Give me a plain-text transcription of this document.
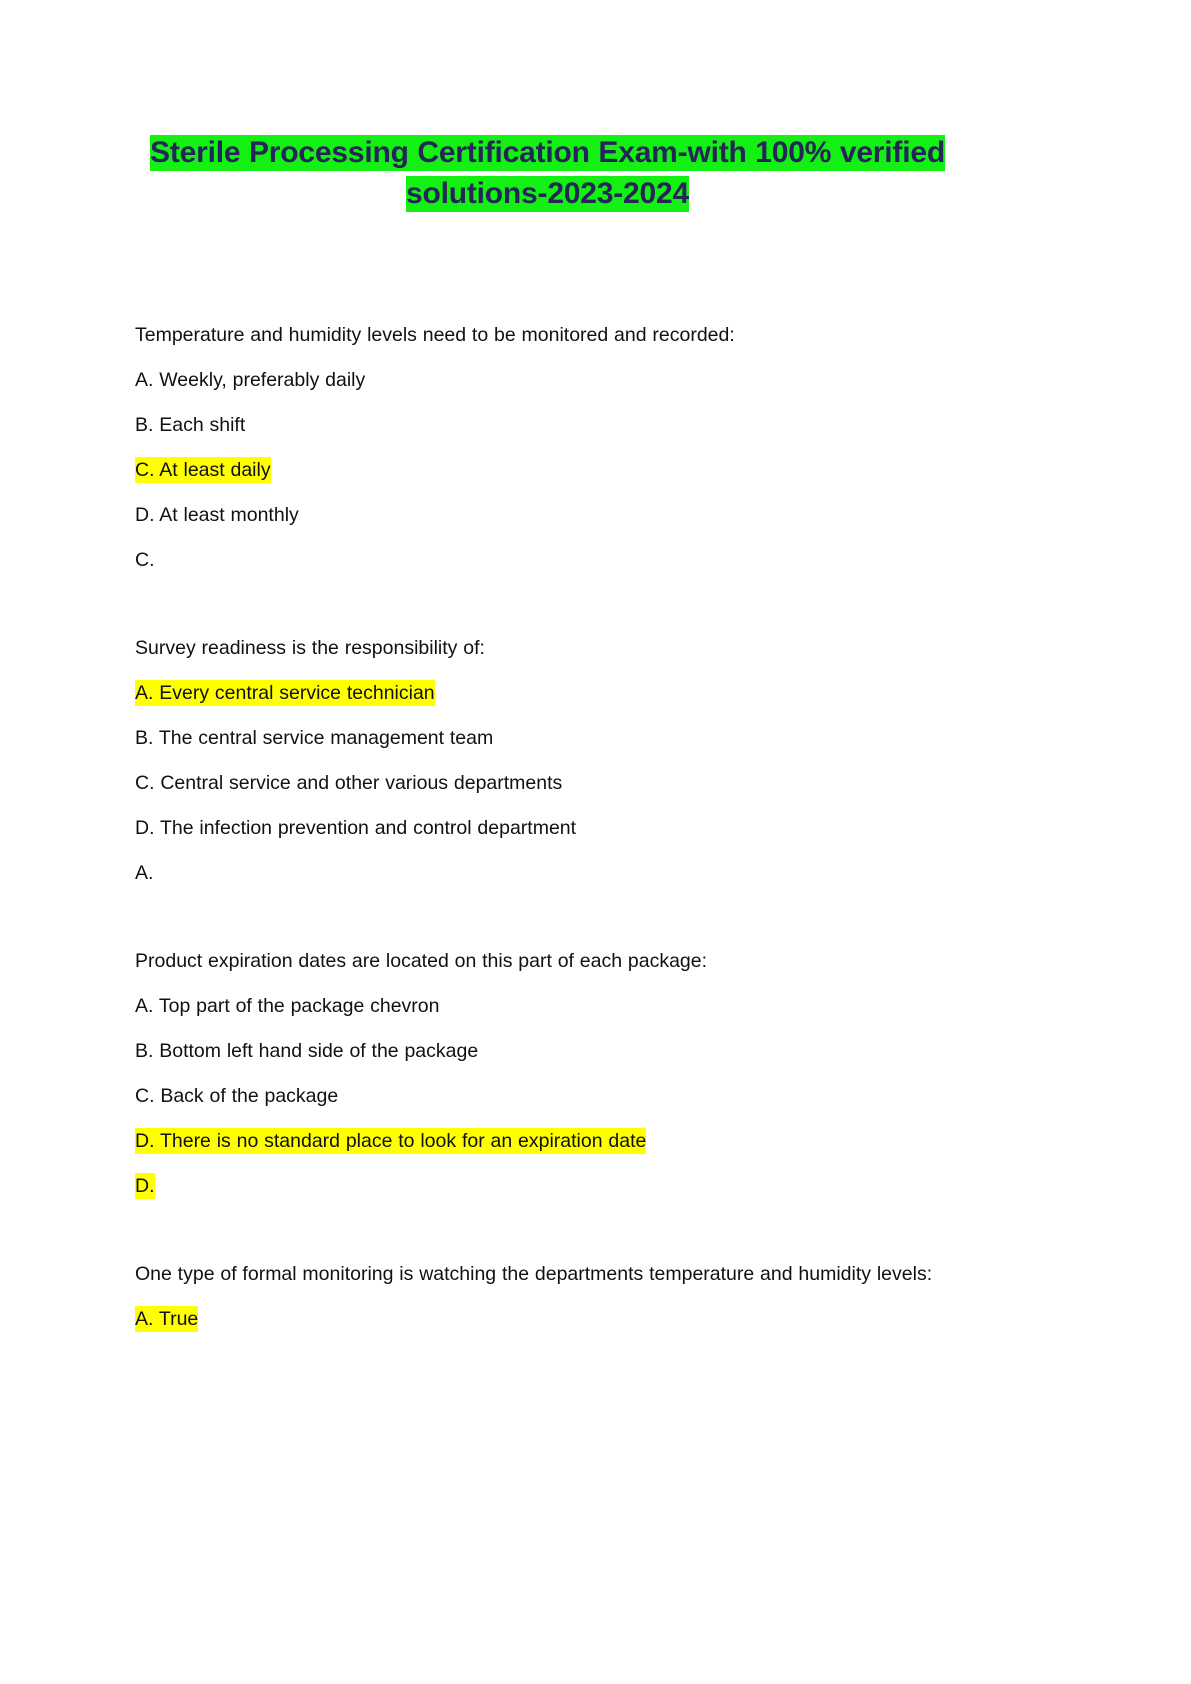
Sterile Processing Certification Exam-with 100% verified
solutions-2023-2024

Temperature and humidity levels need to be monitored and recorded:

A. Weekly, preferably daily

B. Each shift

C. At least daily

D. At least monthly

C.

Survey readiness is the responsibility of:

A. Every central service technician

B. The central service management team

C. Central service and other various departments

D. The infection prevention and control department

A.

Product expiration dates are located on this part of each package:

A. Top part of the package chevron

B. Bottom left hand side of the package

C. Back of the package

D. There is no standard place to look for an expiration date

D.

One type of formal monitoring is watching the departments temperature and humidity levels:

A. True
